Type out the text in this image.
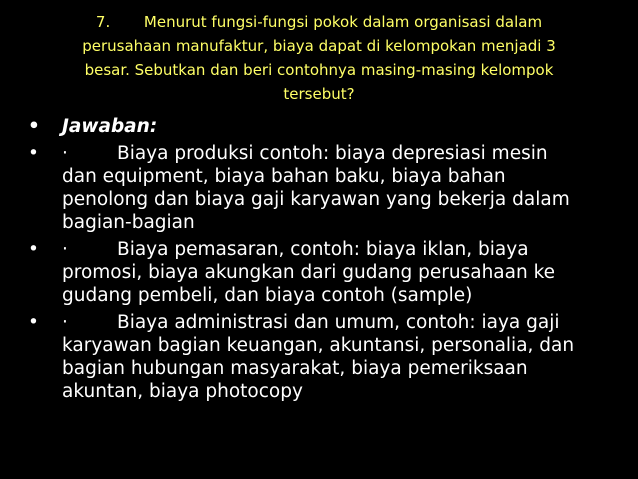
7. Menurut fungsi-fungsi pokok dalam organisasi dalam
perusahaan manufaktur, biaya dapat di kelompokan menjadi 3
besar. Sebutkan dan beri contohnya masing-masing kelompok
tersebut?
•	Jawaban:
•	·	Biaya produksi contoh: biaya depresiasi mesin
dan equipment, biaya bahan baku, biaya bahan
penolong dan biaya gaji karyawan yang bekerja dalam
bagian-bagian
•	·	Biaya pemasaran, contoh: biaya iklan, biaya
promosi, biaya akungkan dari gudang perusahaan ke
gudang pembeli, dan biaya contoh (sample)
•	·	Biaya administrasi dan umum, contoh: iaya gaji
karyawan bagian keuangan, akuntansi, personalia, dan
bagian hubungan masyarakat, biaya pemeriksaan
akuntan, biaya photocopy
